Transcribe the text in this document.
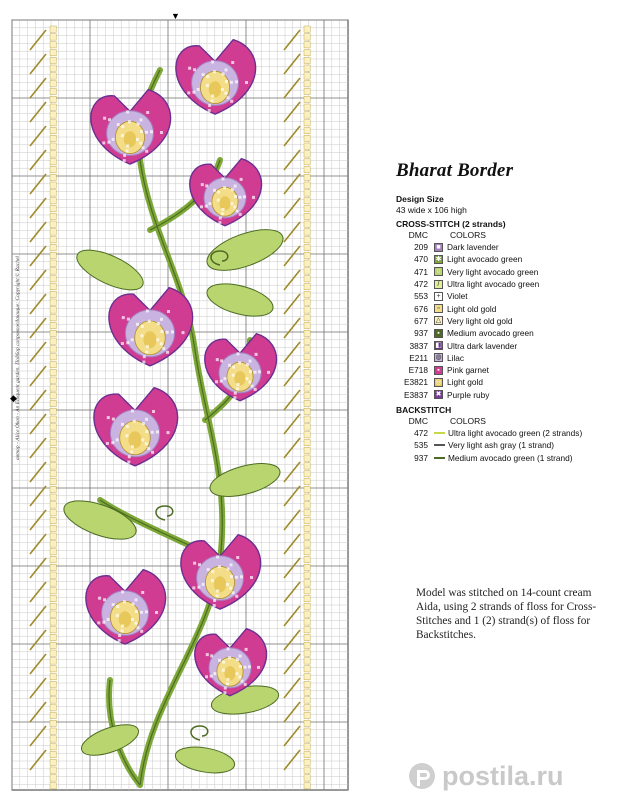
▼
◆
автор - Alice Okon - An Eloquent garden. Подбор сопровождающие: Copyright © Rachel
Bharat Border
Design Size
43 wide x 106 high
CROSS-STITCH (2 strands)
DMC	COLORS
209	■ Dark lavender
470	✱ Light avocado green
471	○ Very light avocado green
472	/ Ultra light avocado green
553	+ Violet
676	▫ Light old gold
677	△ Very light old gold
937	▪ Medium avocado green
3837	◧ Ultra dark lavender
E211	◍ Lilac
E718	▪ Pink garnet
E3821	◎ Light gold
E3837	✖ Purple ruby
BACKSTITCH
DMC	COLORS
472	Ultra light avocado green (2 strands)
535	Very light ash gray (1 strand)
937	Medium avocado green (1 strand)
Model was stitched on 14-count cream Aida, using 2 strands of floss for Cross-Stitches and 1 (2) strand(s) of floss for Backstitches.
postila.ru
